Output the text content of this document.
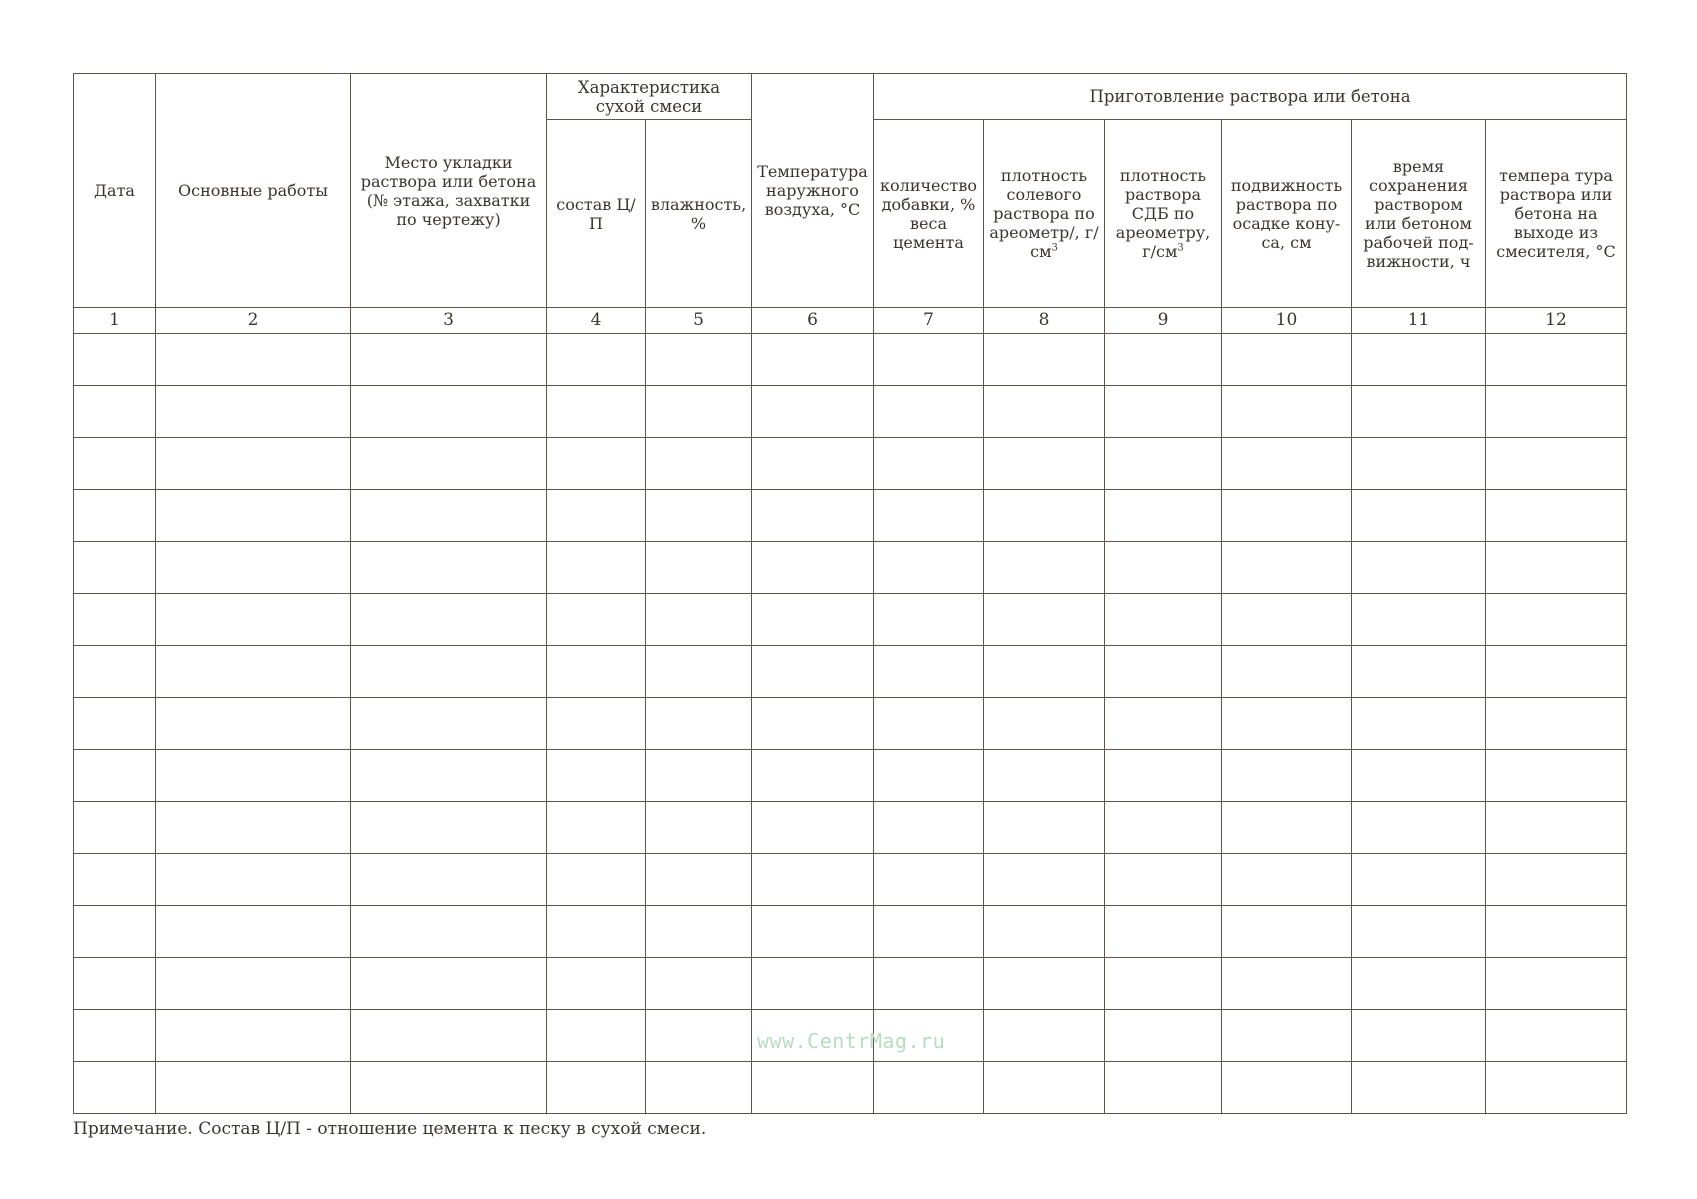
Дата	Основные работы	Место укладки раствора или бетона (№ этажа, захватки по чертежу)	Характеристика сухой смеси		Температура наружного воздуха, °С	Приготовление раствора или бетона					
			состав Ц/П	влажность, %		количество добавки, % веса цемента	плотность солевого раствора по ареометр/, $г/см^3$	плотность раствора СДБ по ареометру, $г/см^3$	подвижность раствора по осадке кону-са, см	время сохранения раствором или бетоном рабочей под-вижности, ч	темпера тура раствора или бетона на выходе из смесителя, °С
1	2	3	4	5	6	7	8	9	10	11	12

Примечание. Состав Ц/П - отношение цемента к песку в сухой смеси.
www.CentrMag.ru
